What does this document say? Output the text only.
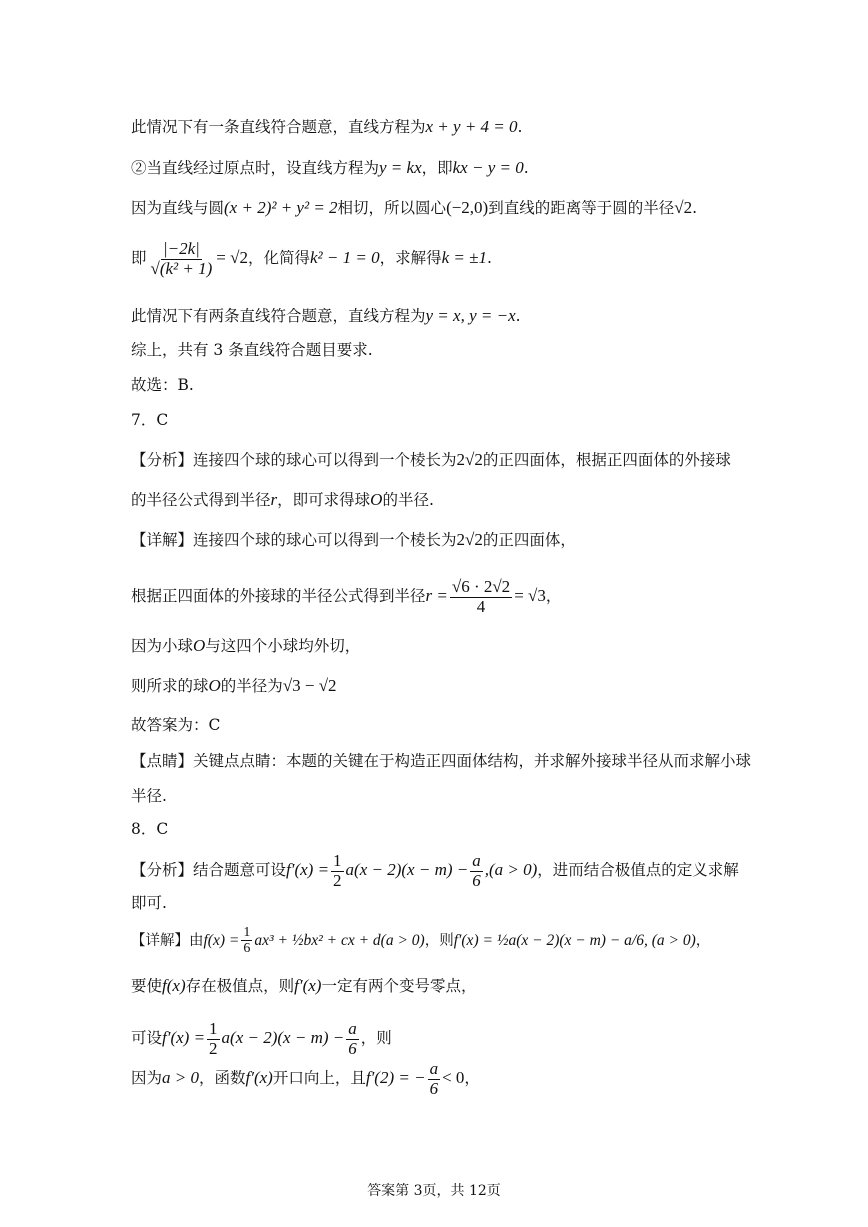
此情况下有一条直线符合题意，直线方程为x + y + 4 = 0.
②当直线经过原点时，设直线方程为y = kx，即kx − y = 0.
因为直线与圆(x + 2)² + y² = 2相切，所以圆心(−2,0)到直线的距离等于圆的半径√2.
即 $\frac{|-2k|}{\text{√(k² + 1)}} = √2$，化简得k² − 1 = 0，求解得k = ±1.
此情况下有两条直线符合题意，直线方程为y = x, y = −x.
综上，共有 3 条直线符合题目要求.
故选：B.
7．C
【分析】连接四个球的球心可以得到一个棱长为2√2的正四面体，根据正四面体的外接球
的半径公式得到半径r，即可求得球O的半径.
【详解】连接四个球的球心可以得到一个棱长为2√2的正四面体，
根据正四面体的外接球的半径公式得到半径$r = \frac{√6 \cdot 2√2}{4} = √3$，
因为小球O与这四个小球均外切，
则所求的球O的半径为√3 − √2
故答案为：C
【点睛】关键点点睛：本题的关键在于构造正四面体结构，并求解外接球半径从而求解小球
半径.
8．C
【分析】结合题意可设$f'(x) = \frac{1}{2} a(x - 2)(x - m) - \frac{a}{6} ,(a > 0)$，进而结合极值点的定义求解
即可.
【详解】由$f(x) = \frac{1}{6} ax^3$ + ½bx² + cx + d(a > 0)，则f′(x) = ½a(x − 2)(x − m) − a/6, (a > 0)，
要使f(x)存在极值点，则f′(x)一定有两个变号零点，
可设$f'(x) = \frac{1}{2} a(x - 2)(x - m) - \frac{a}{6}$ ，则
因为a > 0，函数f′(x)开口向上，且f′(2) = − $\frac{a}{6} < 0$，
答案第 3页，共 12页
